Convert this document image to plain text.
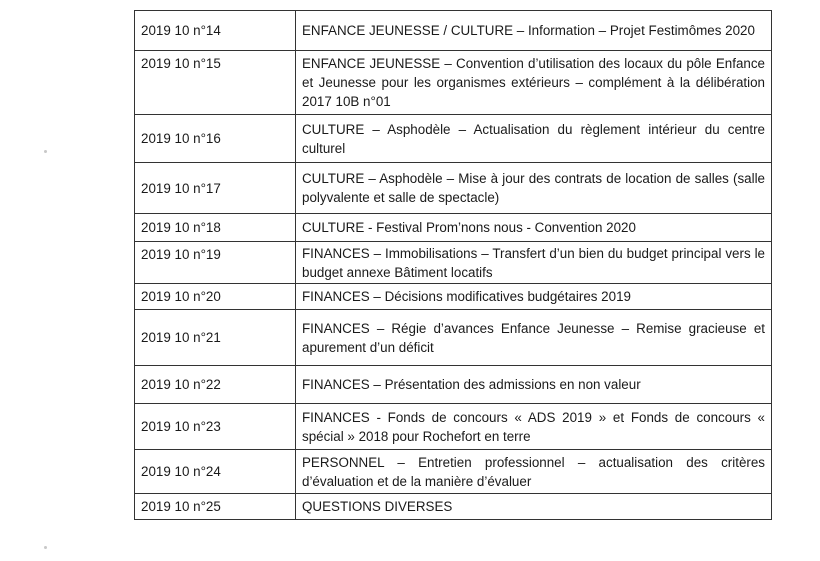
2019 10 n°14	ENFANCE JEUNESSE / CULTURE – Information – Projet Festimômes 2020
2019 10 n°15	ENFANCE JEUNESSE – Convention d’utilisation des locaux du pôle Enfance et Jeunesse pour les organismes extérieurs – complément à la délibération 2017 10B n°01
2019 10 n°16	CULTURE – Asphodèle – Actualisation du règlement intérieur du centre culturel
2019 10 n°17	CULTURE – Asphodèle – Mise à jour des contrats de location de salles (salle polyvalente et salle de spectacle)
2019 10 n°18	CULTURE - Festival Prom’nons nous - Convention 2020
2019 10 n°19	FINANCES – Immobilisations – Transfert d’un bien du budget principal vers le budget annexe Bâtiment locatifs
2019 10 n°20	FINANCES – Décisions modificatives budgétaires 2019
2019 10 n°21	FINANCES – Régie d’avances Enfance Jeunesse – Remise gracieuse et apurement d’un déficit
2019 10 n°22	FINANCES – Présentation des admissions en non valeur
2019 10 n°23	FINANCES - Fonds de concours « ADS 2019 » et Fonds de concours « spécial » 2018 pour Rochefort en terre
2019 10 n°24	PERSONNEL – Entretien professionnel – actualisation des critères d’évaluation et de la manière d’évaluer
2019 10 n°25	QUESTIONS DIVERSES
